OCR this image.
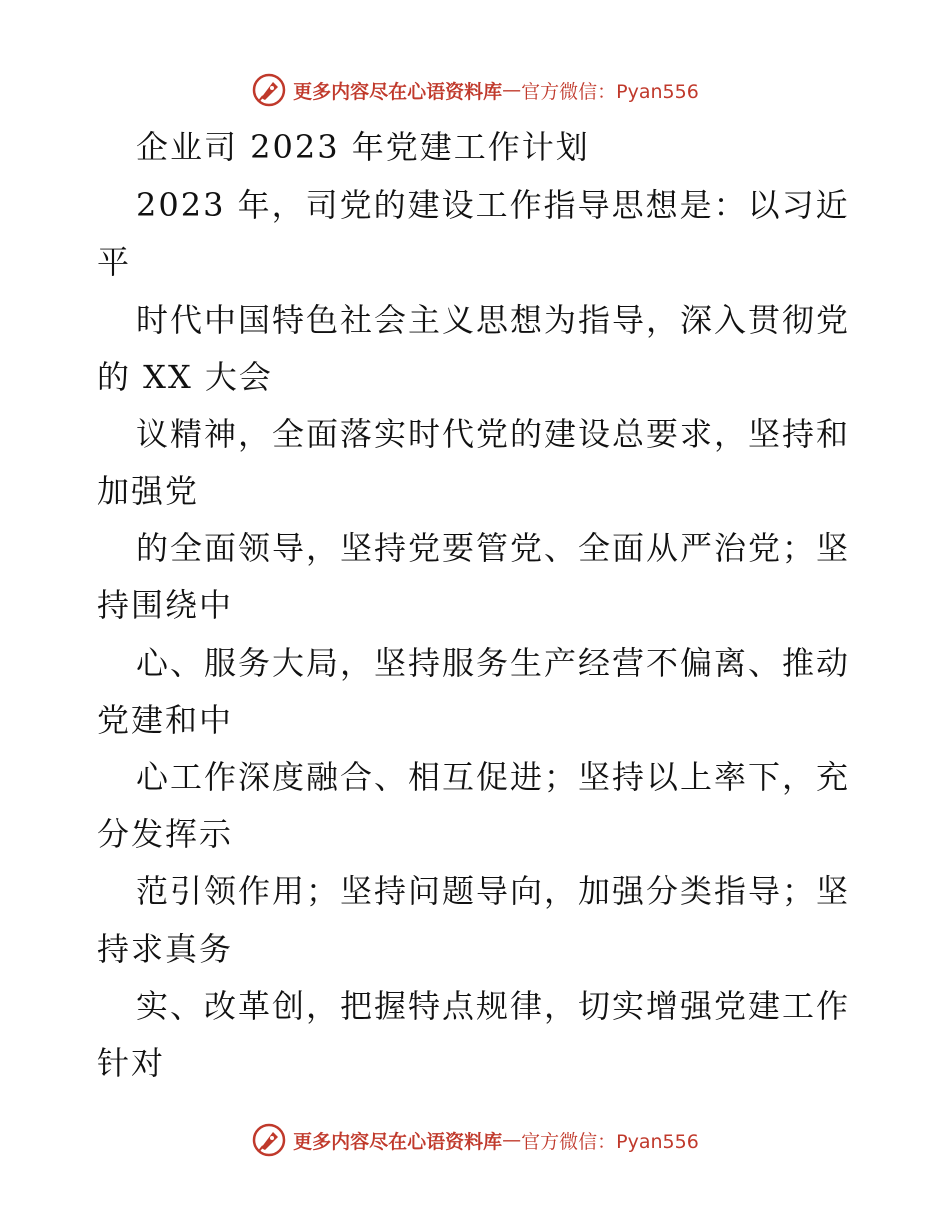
更多内容尽在心语资料库 — 官方微信：Pyan556
企业司 2023 年党建工作计划
2023 年，司党的建设工作指导思想是：以习近
平
时代中国特色社会主义思想为指导，深入贯彻党
的 XX 大会
议精神，全面落实时代党的建设总要求，坚持和
加强党
的全面领导，坚持党要管党、全面从严治党；坚
持围绕中
心、服务大局，坚持服务生产经营不偏离、推动
党建和中
心工作深度融合、相互促进；坚持以上率下，充
分发挥示
范引领作用；坚持问题导向，加强分类指导；坚
持求真务
实、改革创，把握特点规律，切实增强党建工作
针对
更多内容尽在心语资料库 — 官方微信：Pyan556
